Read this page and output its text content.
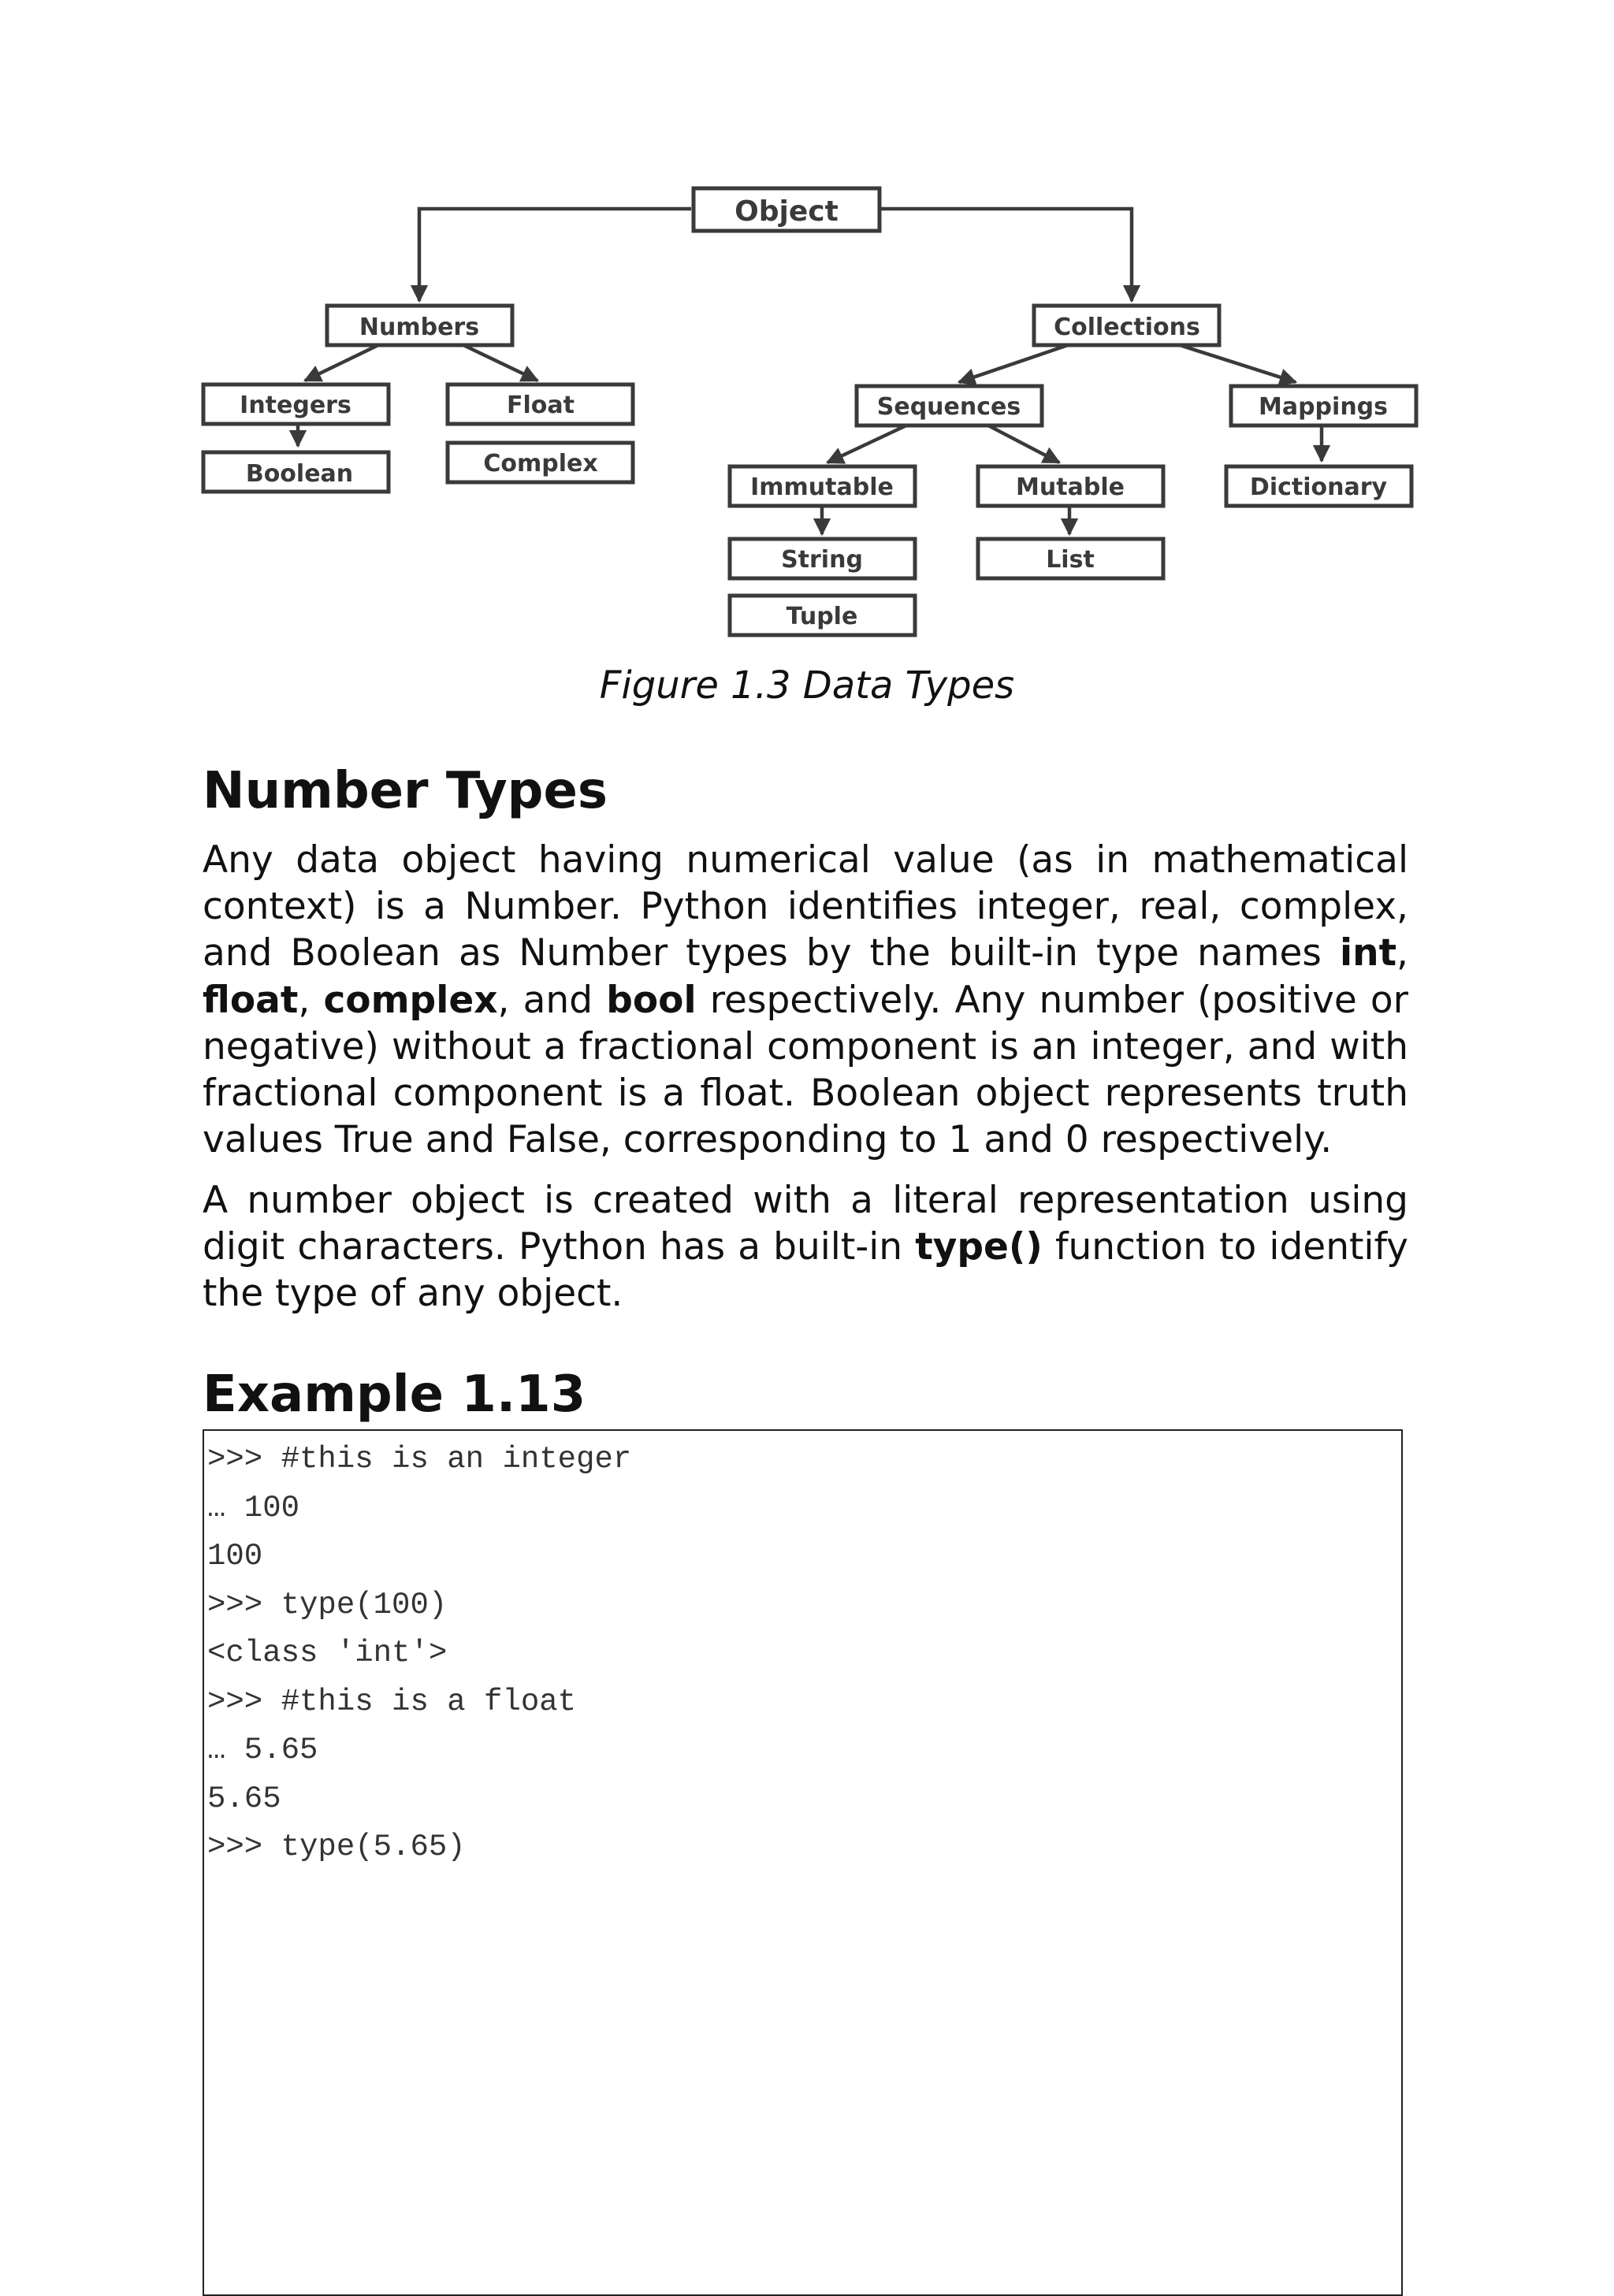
Object
Numbers	Collections
Integers	Float
Boolean	Complex
Sequences	Mappings
Immutable	Mutable	Dictionary
String	List
Tuple
Figure 1.3 Data Types
Number Types

Any data object having numerical value (as in mathematical context) is a Number. Python identifies integer, real, complex, and Boolean as Number types by the built-in type names int, float, complex, and bool respectively. Any number (positive or negative) without a fractional component is an integer, and with fractional component is a float. Boolean object represents truth values True and False, corresponding to 1 and 0 respectively.

A number object is created with a literal representation using digit characters. Python has a built-in type() function to identify the type of any object.

Example 1.13
>>> #this is an integer
… 100
100
>>> type(100)
<class 'int'>
>>> #this is a float
… 5.65
5.65
>>> type(5.65)
